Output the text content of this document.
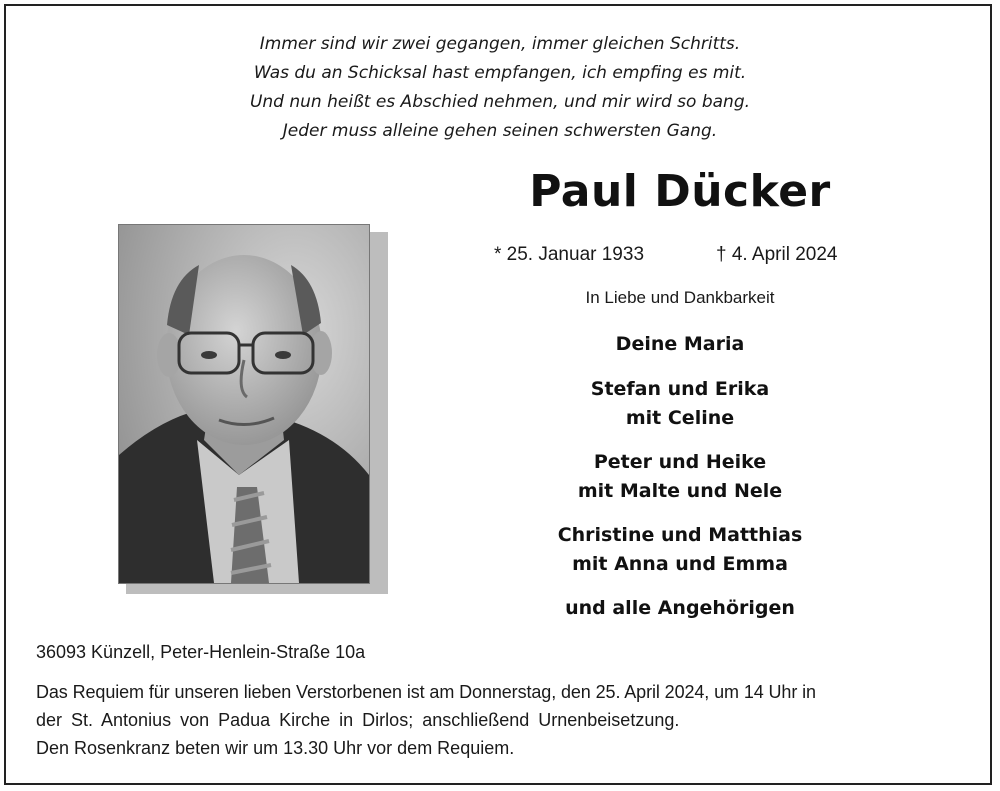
Immer sind wir zwei gegangen, immer gleichen Schritts.
Was du an Schicksal hast empfangen, ich empfing es mit.
Und nun heißt es Abschied nehmen, und mir wird so bang.
Jeder muss alleine gehen seinen schwersten Gang.
Paul Dücker
* 25. Januar 1933	† 4. April 2024
In Liebe und Dankbarkeit
Deine Maria
Stefan und Erika
mit Celine
Peter und Heike
mit Malte und Nele
Christine und Matthias
mit Anna und Emma
und alle Angehörigen
36093 Künzell, Peter-Henlein-Straße 10a
Das Requiem für unseren lieben Verstorbenen ist am Donnerstag, den 25. April 2024, um 14 Uhr in
der St. Antonius von Padua Kirche in Dirlos; anschließend Urnenbeisetzung.
Den Rosenkranz beten wir um 13.30 Uhr vor dem Requiem.
